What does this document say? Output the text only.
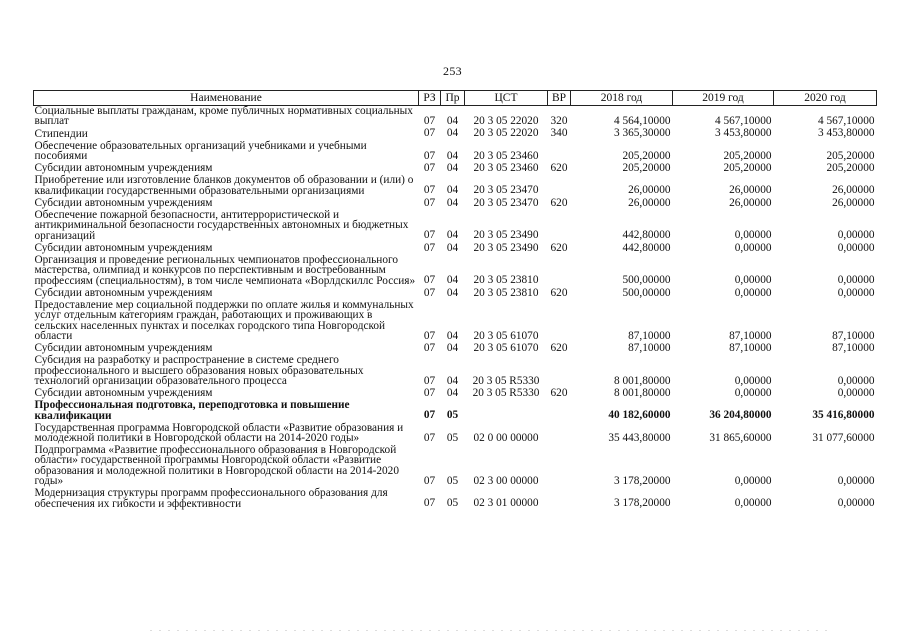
253
Наименование	РЗ	Пр	ЦСТ	ВР	2018 год	2019 год	2020 год
Социальные выплаты гражданам, кроме публичных нормативных социальных выплат	07	04	20 3 05 22020	320	4 564,10000	4 567,10000	4 567,10000
Стипендии	07	04	20 3 05 22020	340	3 365,30000	3 453,80000	3 453,80000
Обеспечение образовательных организаций учебниками и учебными пособиями	07	04	20 3 05 23460		205,20000	205,20000	205,20000
Субсидии автономным учреждениям	07	04	20 3 05 23460	620	205,20000	205,20000	205,20000
Приобретение или изготовление бланков документов об образовании и (или) о квалификации государственными образовательными организациями	07	04	20 3 05 23470		26,00000	26,00000	26,00000
Субсидии автономным учреждениям	07	04	20 3 05 23470	620	26,00000	26,00000	26,00000
Обеспечение пожарной безопасности, антитеррористической и антикриминальной безопасности государственных автономных и бюджетных организаций	07	04	20 3 05 23490		442,80000	0,00000	0,00000
Субсидии автономным учреждениям	07	04	20 3 05 23490	620	442,80000	0,00000	0,00000
Организация и проведение региональных чемпионатов профессионального мастерства, олимпиад и конкурсов по перспективным и востребованным профессиям (специальностям), в том числе чемпионата «Ворлдскиллс Россия»	07	04	20 3 05 23810		500,00000	0,00000	0,00000
Субсидии автономным учреждениям	07	04	20 3 05 23810	620	500,00000	0,00000	0,00000
Предоставление мер социальной поддержки по оплате жилья и коммунальных услуг отдельным категориям граждан, работающих и проживающих в сельских населенных пунктах и поселках городского типа Новгородской области	07	04	20 3 05 61070		87,10000	87,10000	87,10000
Субсидии автономным учреждениям	07	04	20 3 05 61070	620	87,10000	87,10000	87,10000
Субсидия на разработку и распространение в системе среднего профессионального и высшего образования новых образовательных технологий организации образовательного процесса	07	04	20 3 05 R5330		8 001,80000	0,00000	0,00000
Субсидии автономным учреждениям	07	04	20 3 05 R5330	620	8 001,80000	0,00000	0,00000
Профессиональная подготовка, переподготовка и повышение квалификации	07	05			40 182,60000	36 204,80000	35 416,80000
Государственная программа Новгородской области «Развитие образования и молодежной политики в Новгородской области на 2014-2020 годы»	07	05	02 0 00 00000		35 443,80000	31 865,60000	31 077,60000
Подпрограмма «Развитие профессионального образования в Новгородской области» государственной программы Новгородской области «Развитие образования и молодежной политики в Новгородской области на 2014-2020 годы»	07	05	02 3 00 00000		3 178,20000	0,00000	0,00000
Модернизация структуры программ профессионального образования для обеспечения их гибкости и эффективности	07	05	02 3 01 00000		3 178,20000	0,00000	0,00000
